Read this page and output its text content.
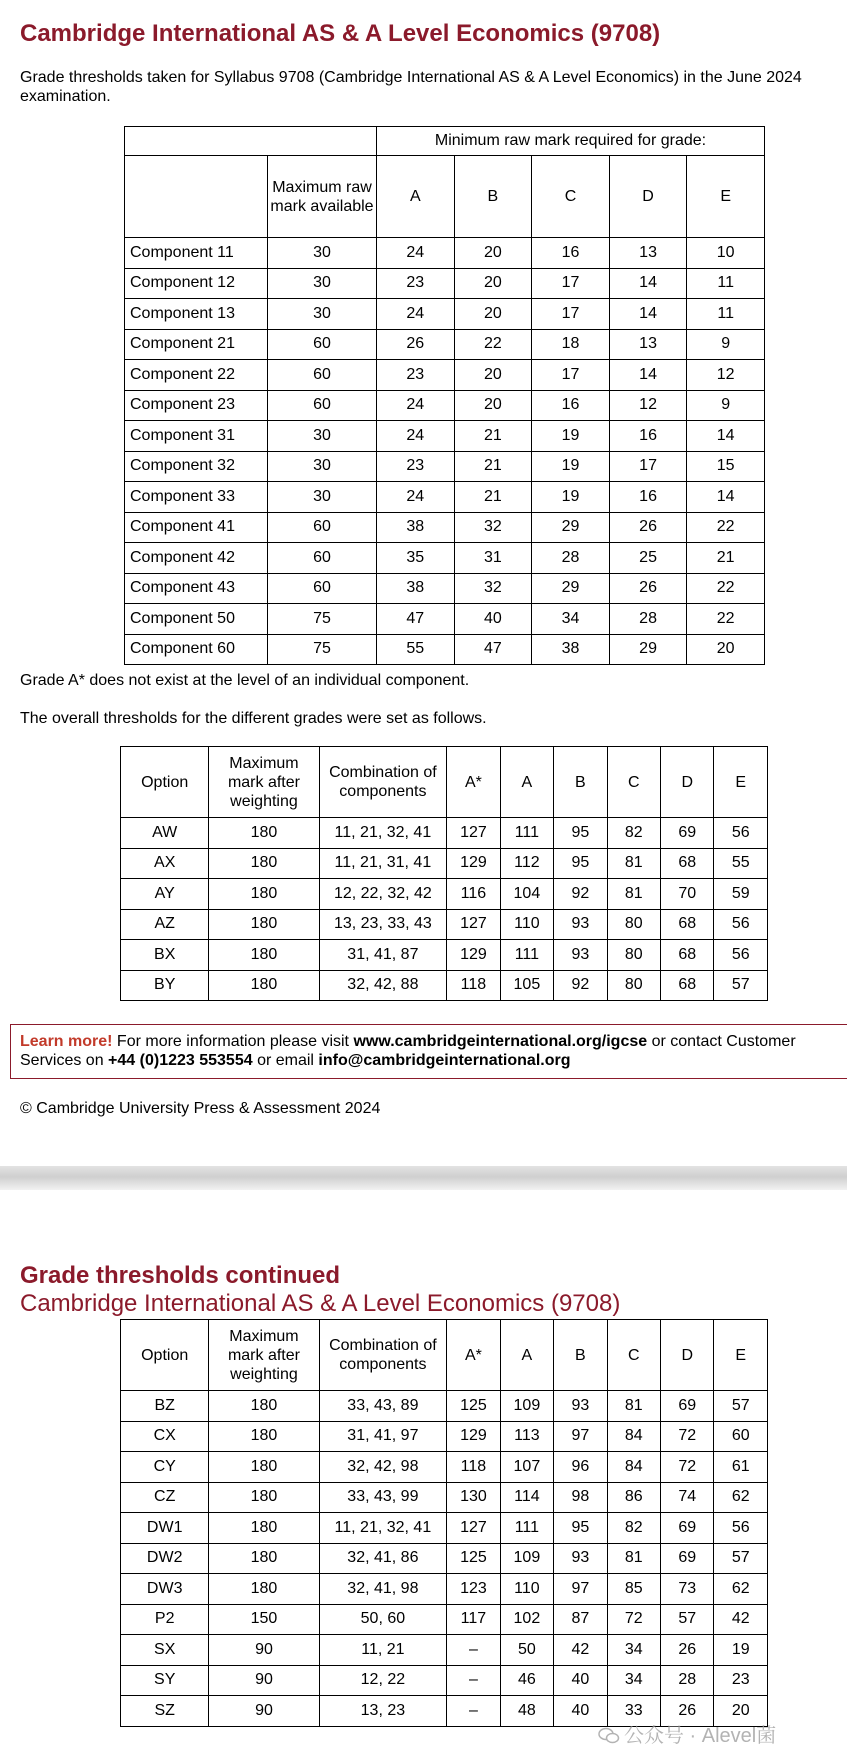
Cambridge International AS & A Level Economics (9708)
Grade thresholds taken for Syllabus 9708 (Cambridge International AS & A Level Economics) in the June 2024 examination.
		Minimum raw mark required for grade:				
	Maximum raw mark available	A	B	C	D	E
Component 11	30	24	20	16	13	10
Component 12	30	23	20	17	14	11
Component 13	30	24	20	17	14	11
Component 21	60	26	22	18	13	9
Component 22	60	23	20	17	14	12
Component 23	60	24	20	16	12	9
Component 31	30	24	21	19	16	14
Component 32	30	23	21	19	17	15
Component 33	30	24	21	19	16	14
Component 41	60	38	32	29	26	22
Component 42	60	35	31	28	25	21
Component 43	60	38	32	29	26	22
Component 50	75	47	40	34	28	22
Component 60	75	55	47	38	29	20
Grade A* does not exist at the level of an individual component.
The overall thresholds for the different grades were set as follows.
Option	Maximum mark after weighting	Combination of components	A*	A	B	C	D	E
AW	180	11, 21, 32, 41	127	111	95	82	69	56
AX	180	11, 21, 31, 41	129	112	95	81	68	55
AY	180	12, 22, 32, 42	116	104	92	81	70	59
AZ	180	13, 23, 33, 43	127	110	93	80	68	56
BX	180	31, 41, 87	129	111	93	80	68	56
BY	180	32, 42, 88	118	105	92	80	68	57
Learn more! For more information please visit www.cambridgeinternational.org/igcse or contact Customer Services on +44 (0)1223 553554 or email info@cambridgeinternational.org
© Cambridge University Press & Assessment 2024
Grade thresholds continued
Cambridge International AS & A Level Economics (9708)
Option	Maximum mark after weighting	Combination of components	A*	A	B	C	D	E
BZ	180	33, 43, 89	125	109	93	81	69	57
CX	180	31, 41, 97	129	113	97	84	72	60
CY	180	32, 42, 98	118	107	96	84	72	61
CZ	180	33, 43, 99	130	114	98	86	74	62
DW1	180	11, 21, 32, 41	127	111	95	82	69	56
DW2	180	32, 41, 86	125	109	93	81	69	57
DW3	180	32, 41, 98	123	110	97	85	73	62
P2	150	50, 60	117	102	87	72	57	42
SX	90	11, 21	–	50	42	34	26	19
SY	90	12, 22	–	46	40	34	28	23
SZ	90	13, 23	–	48	40	33	26	20
公众号 · Alevel菌
